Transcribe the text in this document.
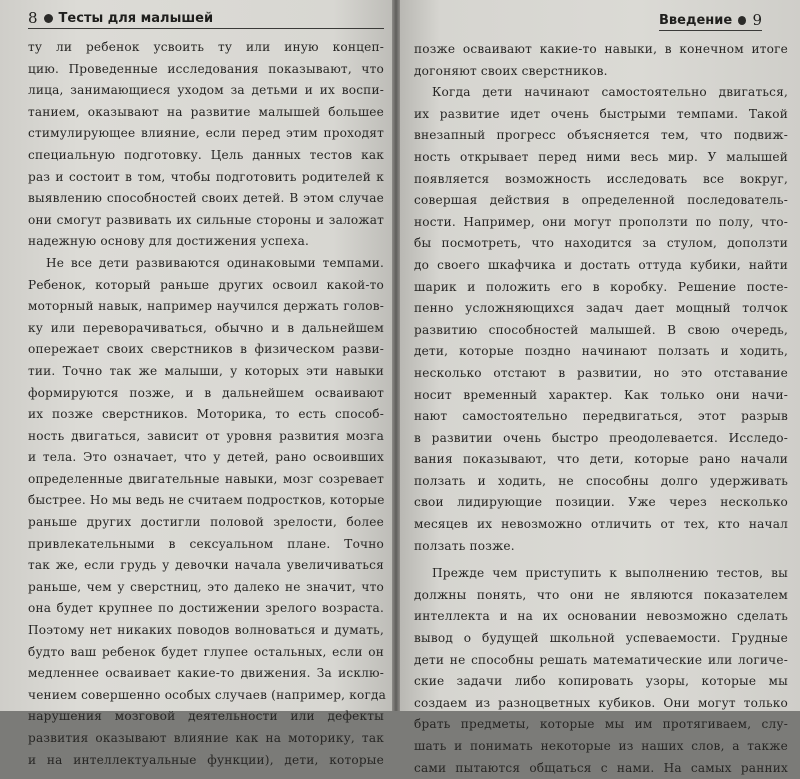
8 Тесты для малышей
ту ли ребенок усвоить ту или иную концеп-
цию. Проведенные исследования показывают, что
лица, занимающиеся уходом за детьми и их воспи-
танием, оказывают на развитие малышей большее
стимулирующее влияние, если перед этим проходят
специальную подготовку. Цель данных тестов как
раз и состоит в том, чтобы подготовить родителей к
выявлению способностей своих детей. В этом случае
они смогут развивать их сильные стороны и заложат
надежную основу для достижения успеха.
Не все дети развиваются одинаковыми темпами.
Ребенок, который раньше других освоил какой-то
моторный навык, например научился держать голов-
ку или переворачиваться, обычно и в дальнейшем
опережает своих сверстников в физическом разви-
тии. Точно так же малыши, у которых эти навыки
формируются позже, и в дальнейшем осваивают
их позже сверстников. Моторика, то есть способ-
ность двигаться, зависит от уровня развития мозга
и тела. Это означает, что у детей, рано освоивших
определенные двигательные навыки, мозг созревает
быстрее. Но мы ведь не считаем подростков, которые
раньше других достигли половой зрелости, более
привлекательными в сексуальном плане. Точно
так же, если грудь у девочки начала увеличиваться
раньше, чем у сверстниц, это далеко не значит, что
она будет крупнее по достижении зрелого возраста.
Поэтому нет никаких поводов волноваться и думать,
будто ваш ребенок будет глупее остальных, если он
медленнее осваивает какие-то движения. За исклю-
чением совершенно особых случаев (например, когда
нарушения мозговой деятельности или дефекты
развития оказывают влияние как на моторику, так
и на интеллектуальные функции), дети, которые
Введение 9
позже осваивают какие-то навыки, в конечном итоге
догоняют своих сверстников.
Когда дети начинают самостоятельно двигаться,
их развитие идет очень быстрыми темпами. Такой
внезапный прогресс объясняется тем, что подвиж-
ность открывает перед ними весь мир. У малышей
появляется возможность исследовать все вокруг,
совершая действия в определенной последователь-
ности. Например, они могут проползти по полу, что-
бы посмотреть, что находится за стулом, доползти
до своего шкафчика и достать оттуда кубики, найти
шарик и положить его в коробку. Решение посте-
пенно усложняющихся задач дает мощный толчок
развитию способностей малышей. В свою очередь,
дети, которые поздно начинают ползать и ходить,
несколько отстают в развитии, но это отставание
носит временный характер. Как только они начи-
нают самостоятельно передвигаться, этот разрыв
в развитии очень быстро преодолевается. Исследо-
вания показывают, что дети, которые рано начали
ползать и ходить, не способны долго удерживать
свои лидирующие позиции. Уже через несколько
месяцев их невозможно отличить от тех, кто начал
ползать позже.
Прежде чем приступить к выполнению тестов, вы
должны понять, что они не являются показателем
интеллекта и на их основании невозможно сделать
вывод о будущей школьной успеваемости. Грудные
дети не способны решать математические или логиче-
ские задачи либо копировать узоры, которые мы
создаем из разноцветных кубиков. Они могут только
брать предметы, которые мы им протягиваем, слу-
шать и понимать некоторые из наших слов, а также
сами пытаются общаться с нами. На самых ранних
